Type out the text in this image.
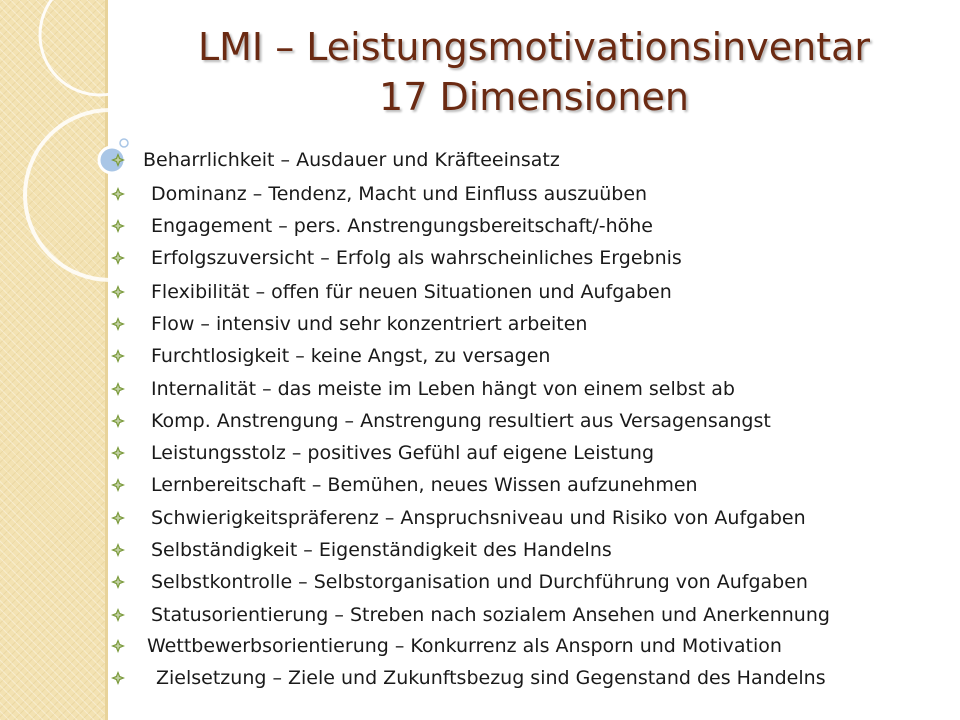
LMI – Leistungsmotivationsinventar
17 Dimensionen
Beharrlichkeit – Ausdauer und Kräfteeinsatz
Dominanz – Tendenz, Macht und Einfluss auszuüben
Engagement – pers. Anstrengungsbereitschaft/-höhe
Erfolgszuversicht – Erfolg als wahrscheinliches Ergebnis
Flexibilität – offen für neuen Situationen und Aufgaben
Flow – intensiv und sehr konzentriert arbeiten
Furchtlosigkeit – keine Angst, zu versagen
Internalität – das meiste im Leben hängt von einem selbst ab
Komp. Anstrengung – Anstrengung resultiert aus Versagensangst
Leistungsstolz – positives Gefühl auf eigene Leistung
Lernbereitschaft – Bemühen, neues Wissen aufzunehmen
Schwierigkeitspräferenz – Anspruchsniveau und Risiko von Aufgaben
Selbständigkeit – Eigenständigkeit des Handelns
Selbstkontrolle – Selbstorganisation und Durchführung von Aufgaben
Statusorientierung – Streben nach sozialem Ansehen und Anerkennung
Wettbewerbsorientierung – Konkurrenz als Ansporn und Motivation
Zielsetzung – Ziele und Zukunftsbezug sind Gegenstand des Handelns
